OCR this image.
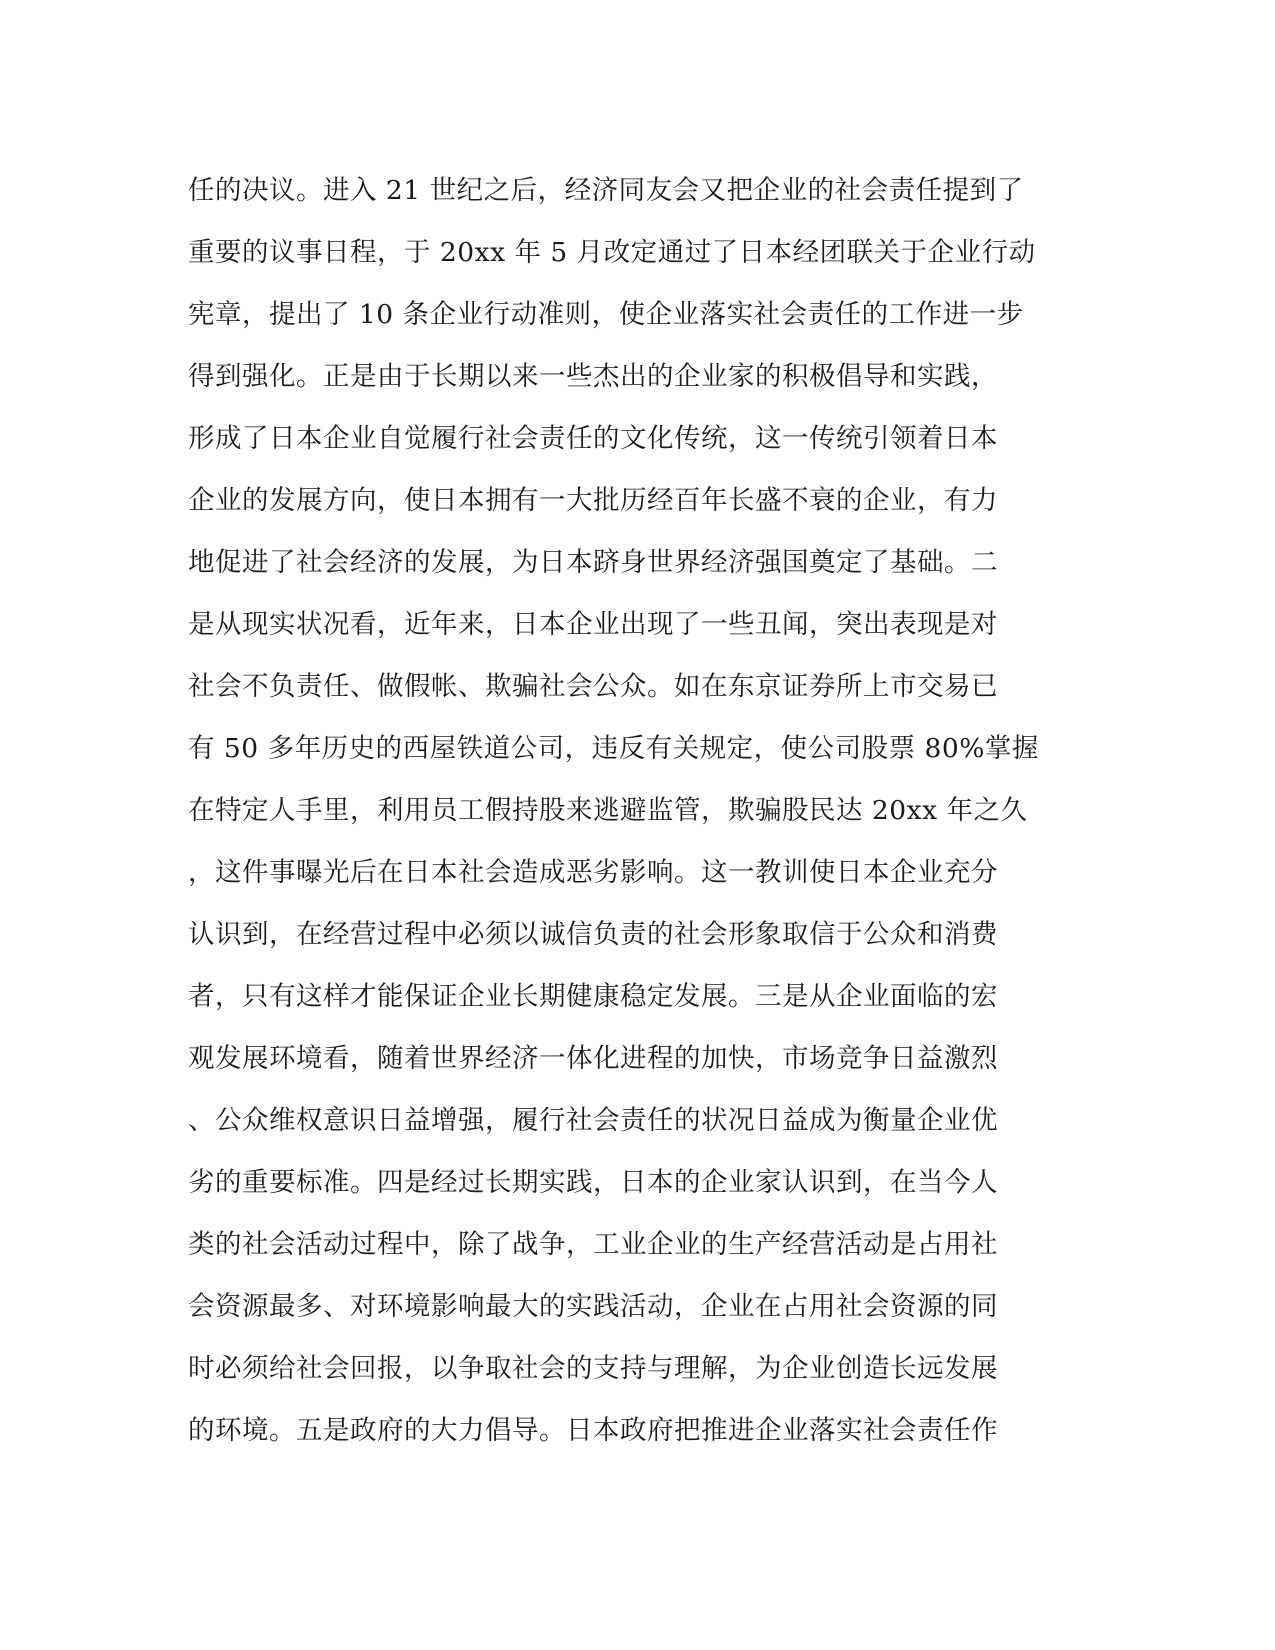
任的决议。进入 21 世纪之后，经济同友会又把企业的社会责任提到了
重要的议事日程，于 20xx 年 5 月改定通过了日本经团联关于企业行动
宪章，提出了 10 条企业行动准则，使企业落实社会责任的工作进一步
得到强化。正是由于长期以来一些杰出的企业家的积极倡导和实践，
形成了日本企业自觉履行社会责任的文化传统，这一传统引领着日本
企业的发展方向，使日本拥有一大批历经百年长盛不衰的企业，有力
地促进了社会经济的发展，为日本跻身世界经济强国奠定了基础。二
是从现实状况看，近年来，日本企业出现了一些丑闻，突出表现是对
社会不负责任、做假帐、欺骗社会公众。如在东京证券所上市交易已
有 50 多年历史的西屋铁道公司，违反有关规定，使公司股票 80%掌握
在特定人手里，利用员工假持股来逃避监管，欺骗股民达 20xx 年之久
，这件事曝光后在日本社会造成恶劣影响。这一教训使日本企业充分
认识到，在经营过程中必须以诚信负责的社会形象取信于公众和消费
者，只有这样才能保证企业长期健康稳定发展。三是从企业面临的宏
观发展环境看，随着世界经济一体化进程的加快，市场竞争日益激烈
、公众维权意识日益增强，履行社会责任的状况日益成为衡量企业优
劣的重要标准。四是经过长期实践，日本的企业家认识到，在当今人
类的社会活动过程中，除了战争，工业企业的生产经营活动是占用社
会资源最多、对环境影响最大的实践活动，企业在占用社会资源的同
时必须给社会回报，以争取社会的支持与理解，为企业创造长远发展
的环境。五是政府的大力倡导。日本政府把推进企业落实社会责任作
